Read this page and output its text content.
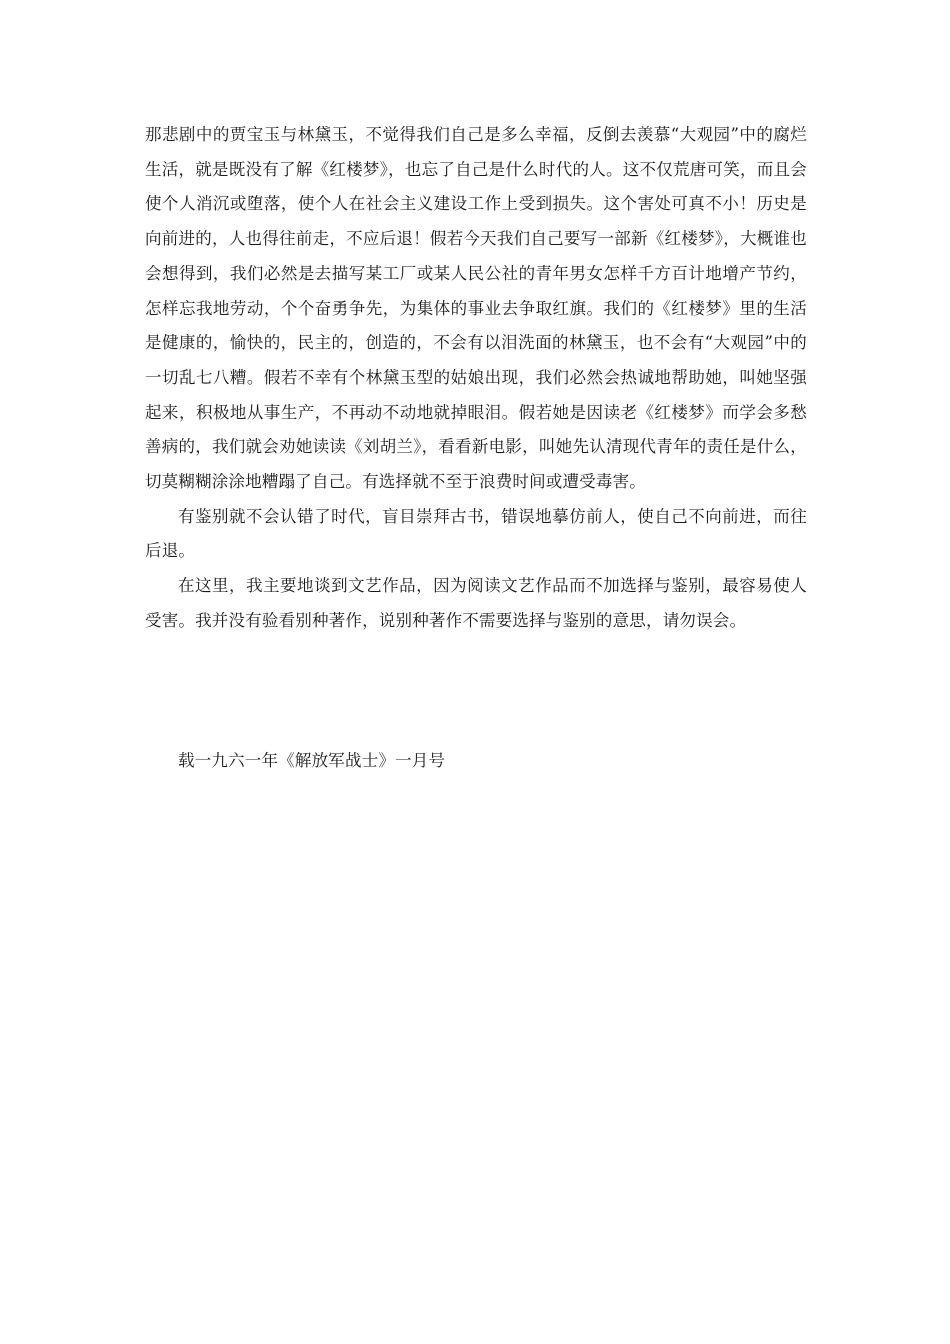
那悲剧中的贾宝玉与林黛玉，不觉得我们自己是多么幸福，反倒去羡慕“大观园”中的腐烂生活，就是既没有了解《红楼梦》，也忘了自己是什么时代的人。这不仅荒唐可笑，而且会使个人消沉或堕落，使个人在社会主义建设工作上受到损失。这个害处可真不小！历史是向前进的，人也得往前走，不应后退！假若今天我们自己要写一部新《红楼梦》，大概谁也会想得到，我们必然是去描写某工厂或某人民公社的青年男女怎样千方百计地增产节约，怎样忘我地劳动，个个奋勇争先，为集体的事业去争取红旗。我们的《红楼梦》里的生活是健康的，愉快的，民主的，创造的，不会有以泪洗面的林黛玉，也不会有“大观园”中的一切乱七八糟。假若不幸有个林黛玉型的姑娘出现，我们必然会热诚地帮助她，叫她坚强起来，积极地从事生产，不再动不动地就掉眼泪。假若她是因读老《红楼梦》而学会多愁善病的，我们就会劝她读读《刘胡兰》，看看新电影，叫她先认清现代青年的责任是什么，切莫糊糊涂涂地糟蹋了自己。有选择就不至于浪费时间或遭受毒害。

有鉴别就不会认错了时代，盲目崇拜古书，错误地摹仿前人，使自己不向前进，而往后退。

在这里，我主要地谈到文艺作品，因为阅读文艺作品而不加选择与鉴别，最容易使人受害。我并没有验看别种著作，说别种著作不需要选择与鉴别的意思，请勿误会。

载一九六一年《解放军战士》一月号
